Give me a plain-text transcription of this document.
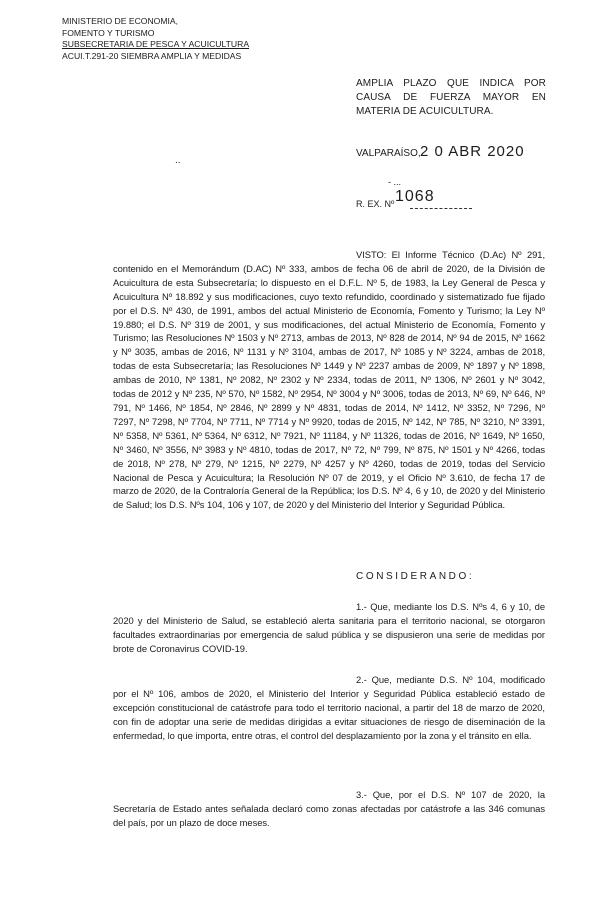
MINISTERIO DE ECONOMIA,
FOMENTO Y TURISMO
SUBSECRETARIA DE PESCA Y ACUICULTURA
ACUI.T.291-20 SIEMBRA AMPLIA Y MEDIDAS
AMPLIA PLAZO QUE INDICA POR CAUSA DE FUERZA MAYOR EN MATERIA DE ACUICULTURA.
..
VALPARAÍSO, 2 0 ABR 2020
- ...
R. EX. Nº 1068
VISTO: El Informe Técnico (D.Ac) Nº 291, contenido en el Memorándum (D.AC) Nº 333, ambos de fecha 06 de abril de 2020, de la División de Acuicultura de esta Subsecretaría; lo dispuesto en el D.F.L. Nº 5, de 1983, la Ley General de Pesca y Acuicultura Nº 18.892 y sus modificaciones, cuyo texto refundido, coordinado y sistematizado fue fijado por el D.S. Nº 430, de 1991, ambos del actual Ministerio de Economía, Fomento y Turismo; la Ley Nº 19.880; el D.S. Nº 319 de 2001, y sus modificaciones, del actual Ministerio de Economía, Fomento y Turismo; las Resoluciones Nº 1503 y Nº 2713, ambas de 2013, Nº 828 de 2014, Nº 94 de 2015, Nº 1662 y Nº 3035, ambas de 2016, Nº 1131 y Nº 3104, ambas de 2017, Nº 1085 y Nº 3224, ambas de 2018, todas de esta Subsecretaría; las Resoluciones Nº 1449 y Nº 2237 ambas de 2009, Nº 1897 y Nº 1898, ambas de 2010, Nº 1381, Nº 2082, Nº 2302 y Nº 2334, todas de 2011, Nº 1306, Nº 2601 y Nº 3042, todas de 2012 y Nº 235, Nº 570, Nº 1582, Nº 2954, Nº 3004 y Nº 3006, todas de 2013, Nº 69, Nº 646, Nº 791, Nº 1466, Nº 1854, Nº 2846, Nº 2899 y Nº 4831, todas de 2014, Nº 1412, Nº 3352, Nº 7296, Nº 7297, Nº 7298, Nº 7704, Nº 7711, Nº 7714 y Nº 9920, todas de 2015, Nº 142, Nº 785, Nº 3210, Nº 3391, Nº 5358, Nº 5361, Nº 5364, Nº 6312, Nº 7921, Nº 11184, y Nº 11326, todas de 2016, Nº 1649, Nº 1650, Nº 3460, Nº 3556, Nº 3983 y Nº 4810, todas de 2017, Nº 72, Nº 799, Nº 875, Nº 1501 y Nº 4266, todas de 2018, Nº 278, Nº 279, Nº 1215, Nº 2279, Nº 4257 y Nº 4260, todas de 2019, todas del Servicio Nacional de Pesca y Acuicultura; la Resolución Nº 07 de 2019, y el Oficio Nº 3.610, de fecha 17 de marzo de 2020, de la Contraloría General de la República; los D.S. Nº 4, 6 y 10, de 2020 y del Ministerio de Salud; los D.S. Nºs 104, 106 y 107, de 2020 y del Ministerio del Interior y Seguridad Pública.
CONSIDERANDO:
1.- Que, mediante los D.S. Nºs 4, 6 y 10, de 2020 y del Ministerio de Salud, se estableció alerta sanitaria para el territorio nacional, se otorgaron facultades extraordinarias por emergencia de salud pública y se dispusieron una serie de medidas por brote de Coronavirus COVID-19.
2.- Que, mediante D.S. Nº 104, modificado por el Nº 106, ambos de 2020, el Ministerio del Interior y Seguridad Pública estableció estado de excepción constitucional de catástrofe para todo el territorio nacional, a partir del 18 de marzo de 2020, con fin de adoptar una serie de medidas dirigidas a evitar situaciones de riesgo de diseminación de la enfermedad, lo que importa, entre otras, el control del desplazamiento por la zona y el tránsito en ella.
3.- Que, por el D.S. Nº 107 de 2020, la Secretaría de Estado antes señalada declaró como zonas afectadas por catástrofe a las 346 comunas del país, por un plazo de doce meses.
